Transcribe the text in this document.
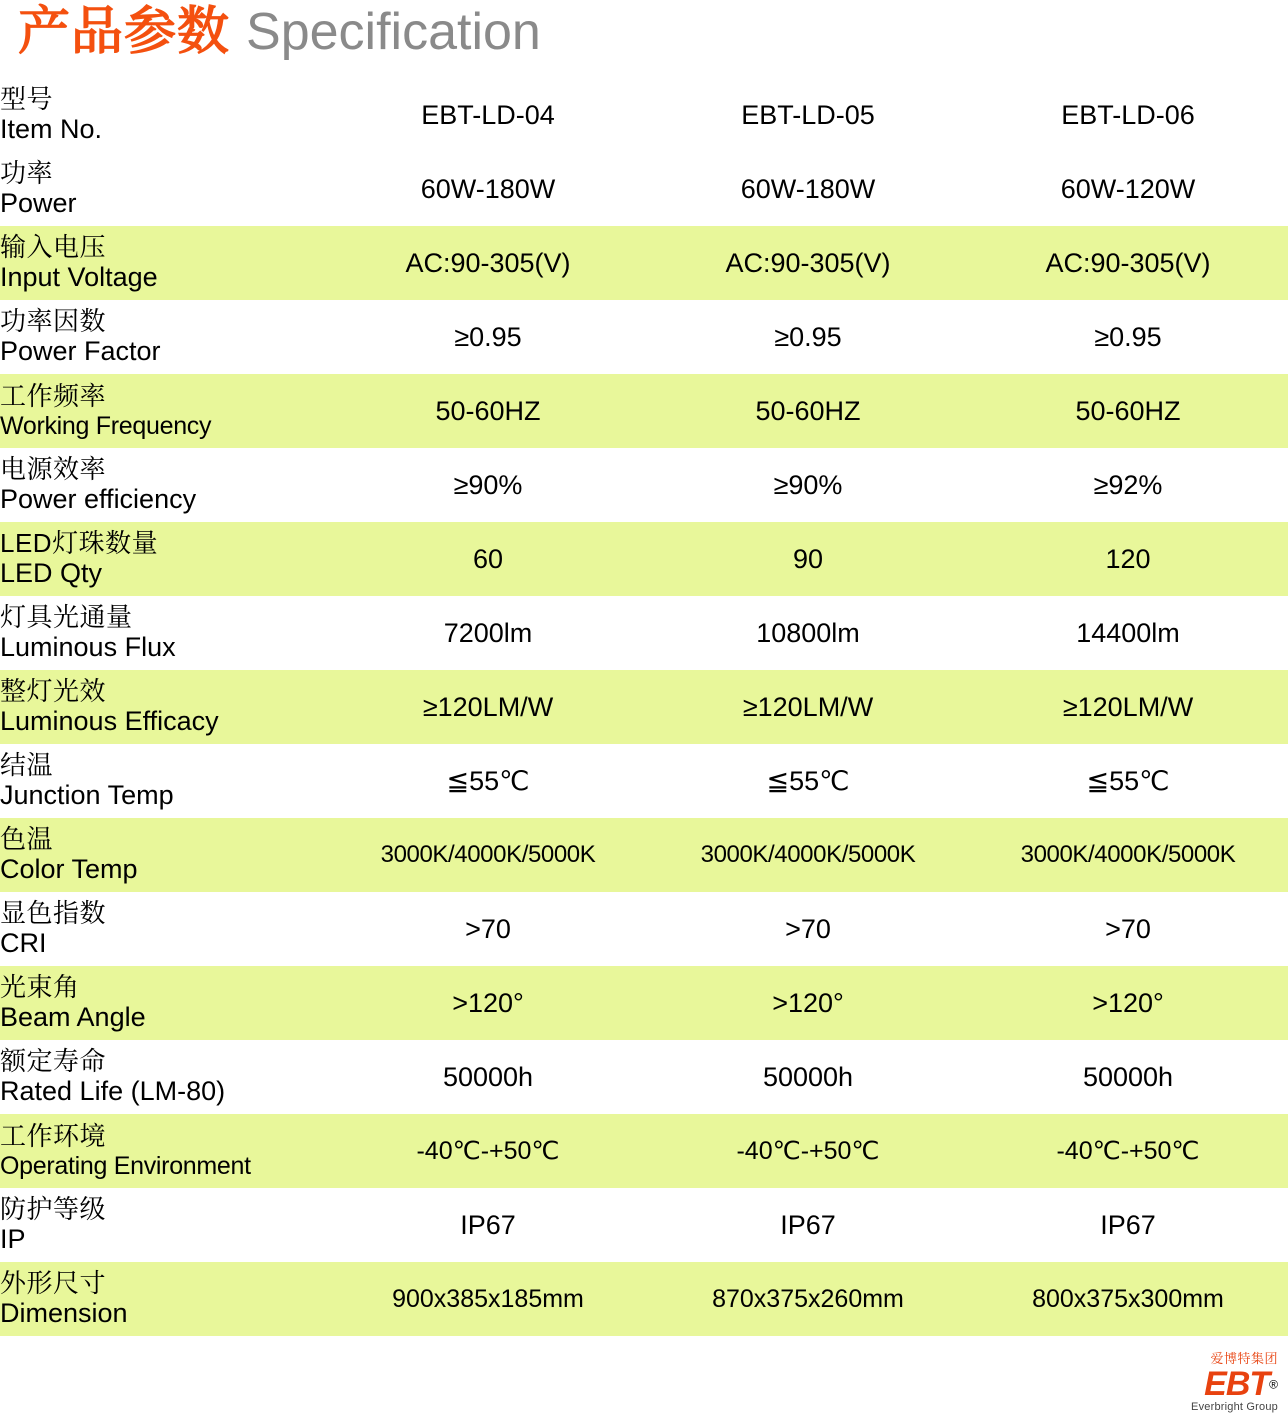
产品参数 Specification
型号
Item No.	EBT-LD-04	EBT-LD-05	EBT-LD-06

功率
Power	60W-180W	60W-180W	60W-120W

输入电压
Input Voltage	AC:90-305(V)	AC:90-305(V)	AC:90-305(V)

功率因数
Power Factor	≥0.95	≥0.95	≥0.95

工作频率
Working Frequency	50-60HZ	50-60HZ	50-60HZ

电源效率
Power efficiency	≥90%	≥90%	≥92%

LED灯珠数量
LED Qty	60	90	120

灯具光通量
Luminous Flux	7200lm	10800lm	14400lm

整灯光效
Luminous Efficacy	≥120LM/W	≥120LM/W	≥120LM/W

结温
Junction Temp	≦55℃	≦55℃	≦55℃

色温
Color Temp	3000K/4000K/5000K	3000K/4000K/5000K	3000K/4000K/5000K

显色指数
CRI	>70	>70	>70

光束角
Beam Angle	>120°	>120°	>120°

额定寿命
Rated Life (LM-80)	50000h	50000h	50000h

工作环境
Operating Environment	-40℃-+50℃	-40℃-+50℃	-40℃-+50℃

防护等级
IP	IP67	IP67	IP67

外形尺寸
Dimension	900x385x185mm	870x375x260mm	800x375x300mm
爱博特集团
EBT®
Everbright Group
